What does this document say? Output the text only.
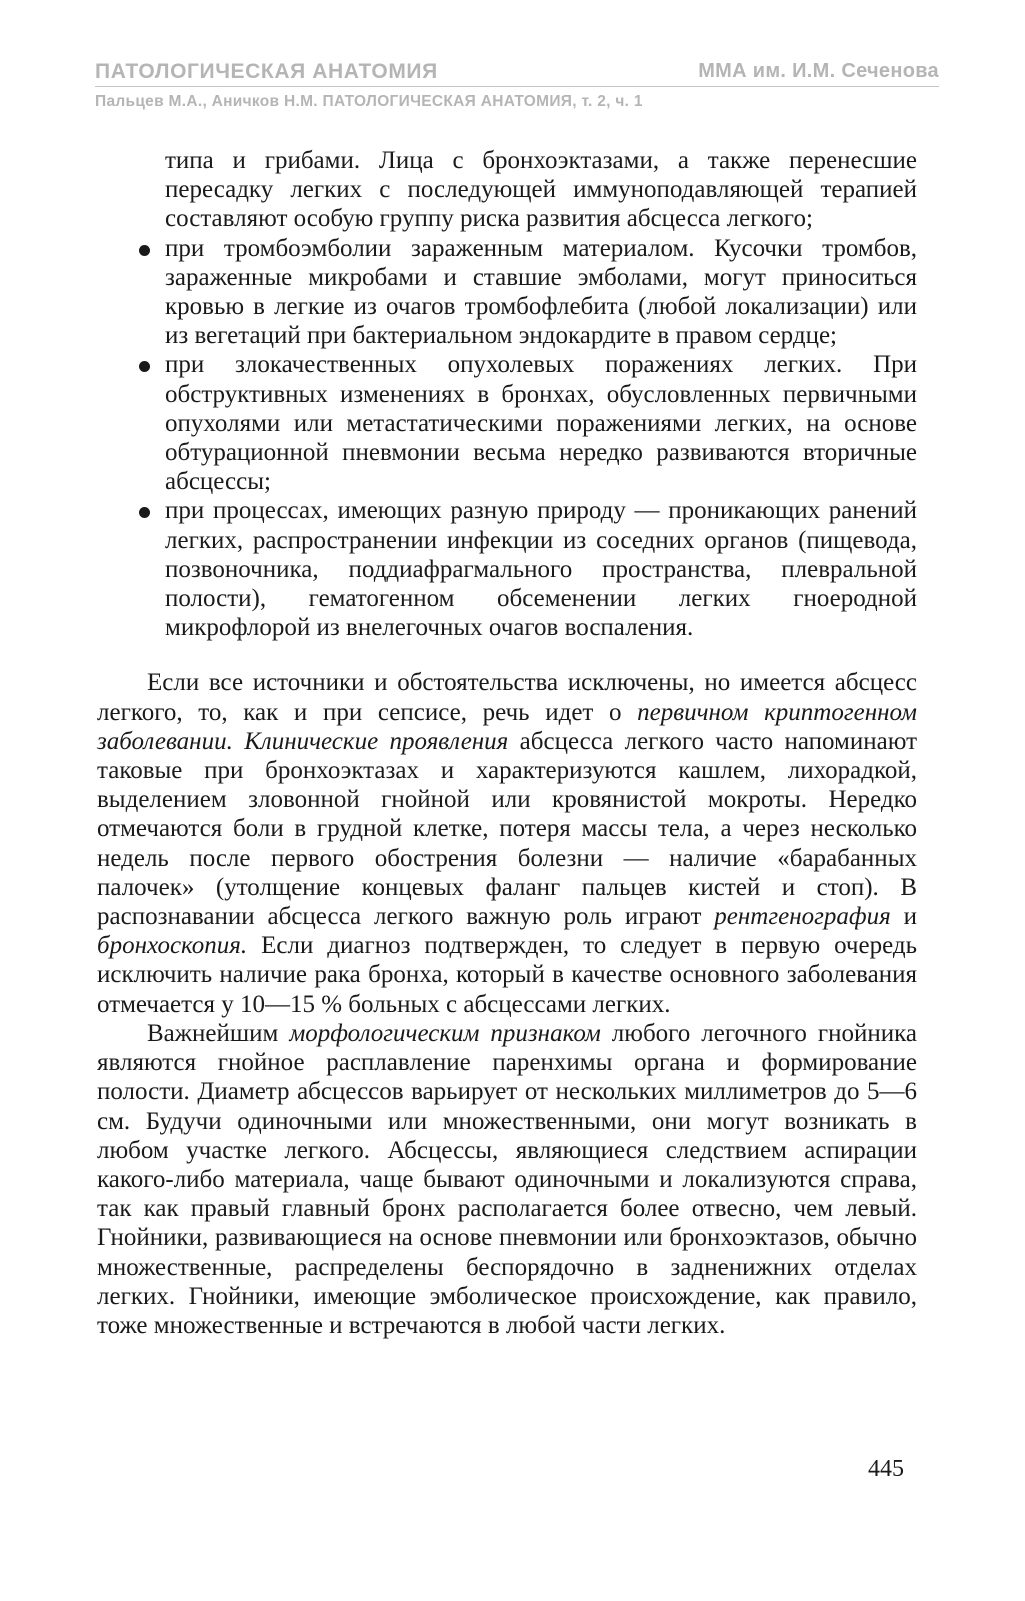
ПАТОЛОГИЧЕСКАЯ АНАТОМИЯ	ММА им. И.М. Сеченова
Пальцев М.А., Аничков Н.М. ПАТОЛОГИЧЕСКАЯ АНАТОМИЯ, т. 2, ч. 1

типа и грибами. Лица с бронхоэктазами, а также перенесшие пересадку легких с последующей иммуноподавляющей терапией составляют особую группу риска развития абсцесса легкого;

при тромбоэмболии зараженным материалом. Кусочки тромбов, зараженные микробами и ставшие эмболами, могут приноситься кровью в легкие из очагов тромбофлебита (любой локализации) или из вегетаций при бактериальном эндокардите в правом сердце;
при злокачественных опухолевых поражениях легких. При обструктивных изменениях в бронхах, обусловленных первичными опухолями или метастатическими поражениями легких, на основе обтурационной пневмонии весьма нередко развиваются вторичные абсцессы;
при процессах, имеющих разную природу — проникающих ранений легких, распространении инфекции из соседних органов (пищевода, позвоночника, поддиафрагмального пространства, плевральной полости), гематогенном обсеменении легких гноеродной микрофлорой из внелегочных очагов воспаления.

Если все источники и обстоятельства исключены, но имеется абсцесс легкого, то, как и при сепсисе, речь идет о первичном криптогенном заболевании. Клинические проявления абсцесса легкого часто напоминают таковые при бронхоэктазах и характеризуются кашлем, лихорадкой, выделением зловонной гнойной или кровянистой мокроты. Нередко отмечаются боли в грудной клетке, потеря массы тела, а через несколько недель после первого обострения болезни — наличие «барабанных палочек» (утолщение концевых фаланг пальцев кистей и стоп). В распознавании абсцесса легкого важную роль играют рентгенография и бронхоскопия. Если диагноз подтвержден, то следует в первую очередь исключить наличие рака бронха, который в качестве основного заболевания отмечается у 10—15 % больных с абсцессами легких.

Важнейшим морфологическим признаком любого легочного гнойника являются гнойное расплавление паренхимы органа и формирование полости. Диаметр абсцессов варьирует от нескольких миллиметров до 5—6 см. Будучи одиночными или множественными, они могут возникать в любом участке легкого. Абсцессы, являющиеся следствием аспирации какого-либо материала, чаще бывают одиночными и локализуются справа, так как правый главный бронх располагается более отвесно, чем левый. Гнойники, развивающиеся на основе пневмонии или бронхоэктазов, обычно множественные, распределены беспорядочно в задненижних отделах легких. Гнойники, имеющие эмболическое происхождение, как правило, тоже множественные и встречаются в любой части легких.

445
